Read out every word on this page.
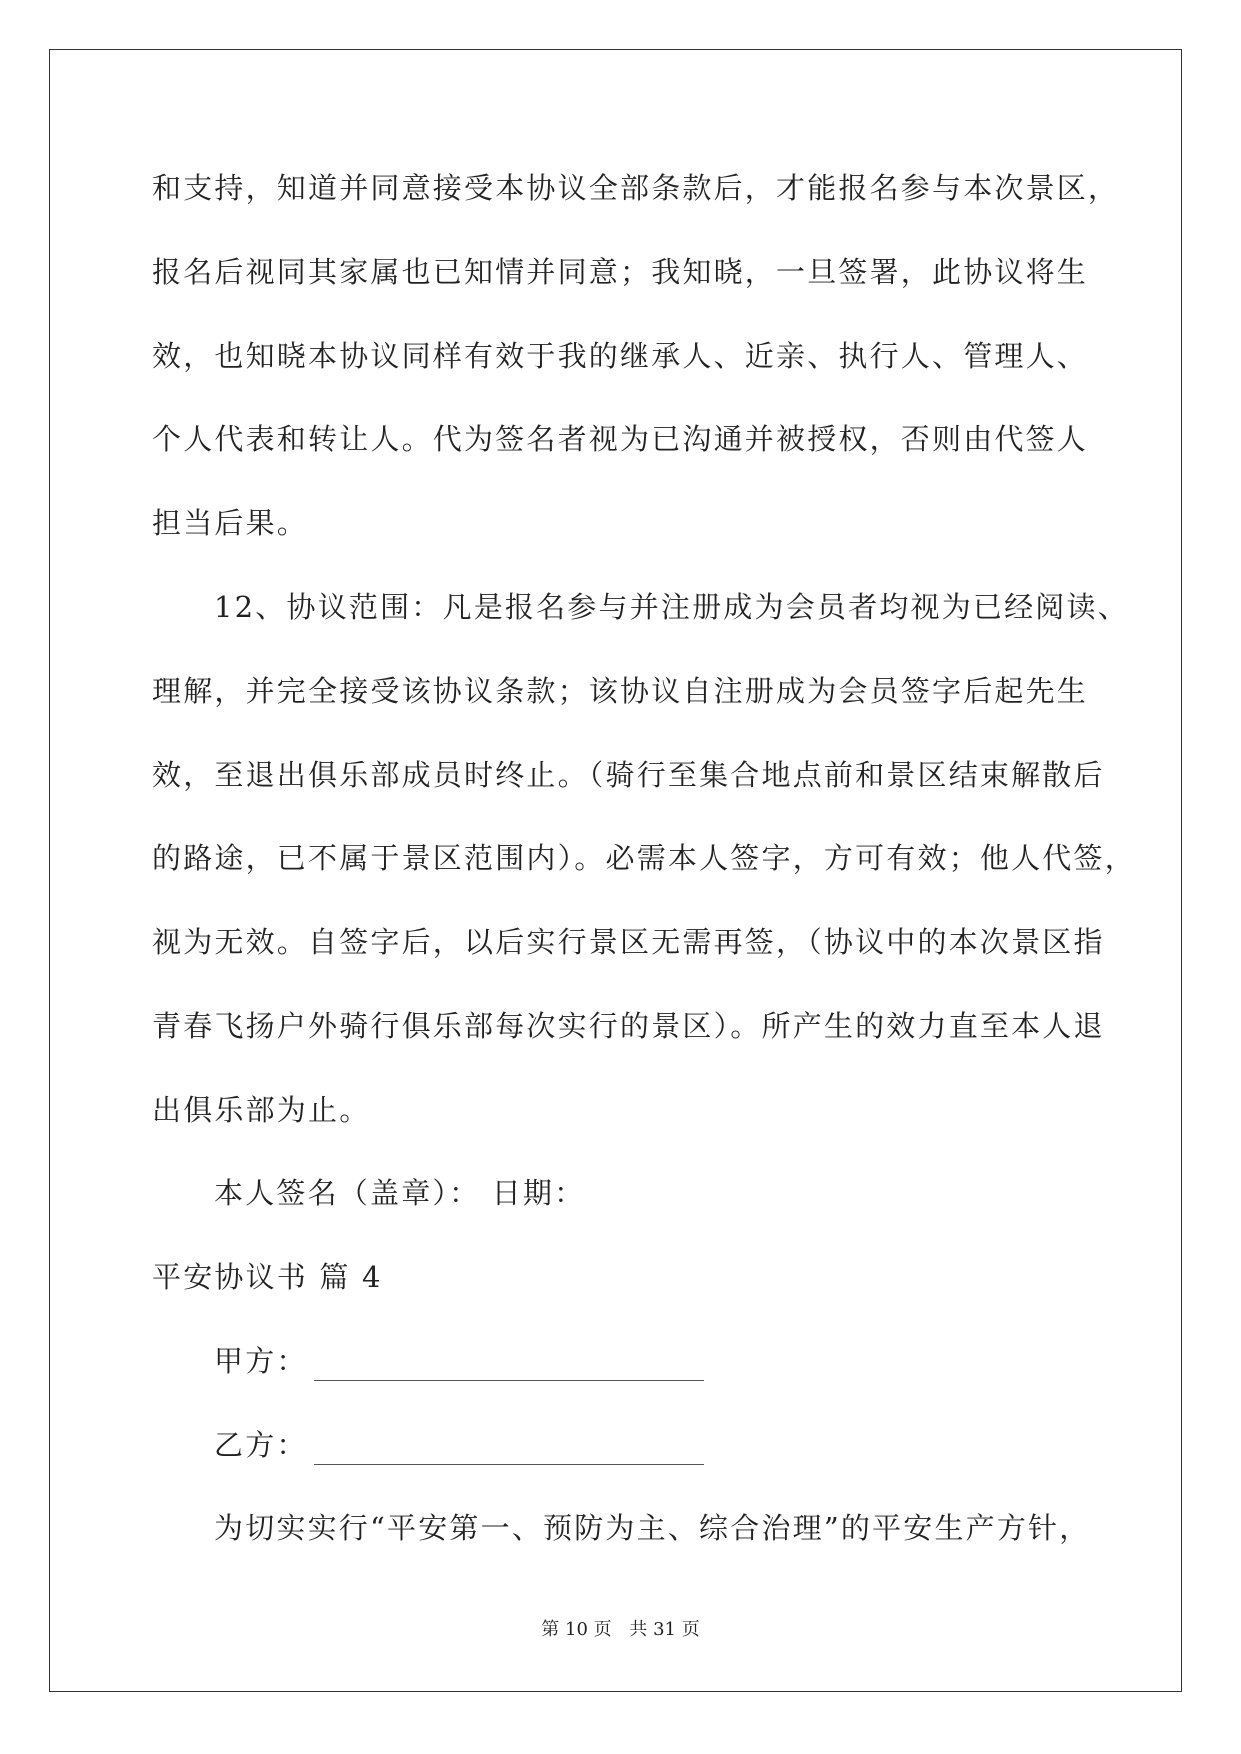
和支持，知道并同意接受本协议全部条款后，才能报名参与本次景区，
报名后视同其家属也已知情并同意；我知晓，一旦签署，此协议将生
效，也知晓本协议同样有效于我的继承人、近亲、执行人、管理人、
个人代表和转让人。代为签名者视为已沟通并被授权，否则由代签人
担当后果。
12、协议范围：凡是报名参与并注册成为会员者均视为已经阅读、
理解，并完全接受该协议条款；该协议自注册成为会员签字后起先生
效，至退出俱乐部成员时终止。（骑行至集合地点前和景区结束解散后
的路途，已不属于景区范围内）。必需本人签字，方可有效；他人代签，
视为无效。自签字后，以后实行景区无需再签，（协议中的本次景区指
青春飞扬户外骑行俱乐部每次实行的景区）。所产生的效力直至本人退
出俱乐部为止。
本人签名（盖章）： 日期：
平安协议书 篇 4
甲方：
乙方：
为切实实行“平安第一、预防为主、综合治理”的平安生产方针，
第 10 页 共 31 页
